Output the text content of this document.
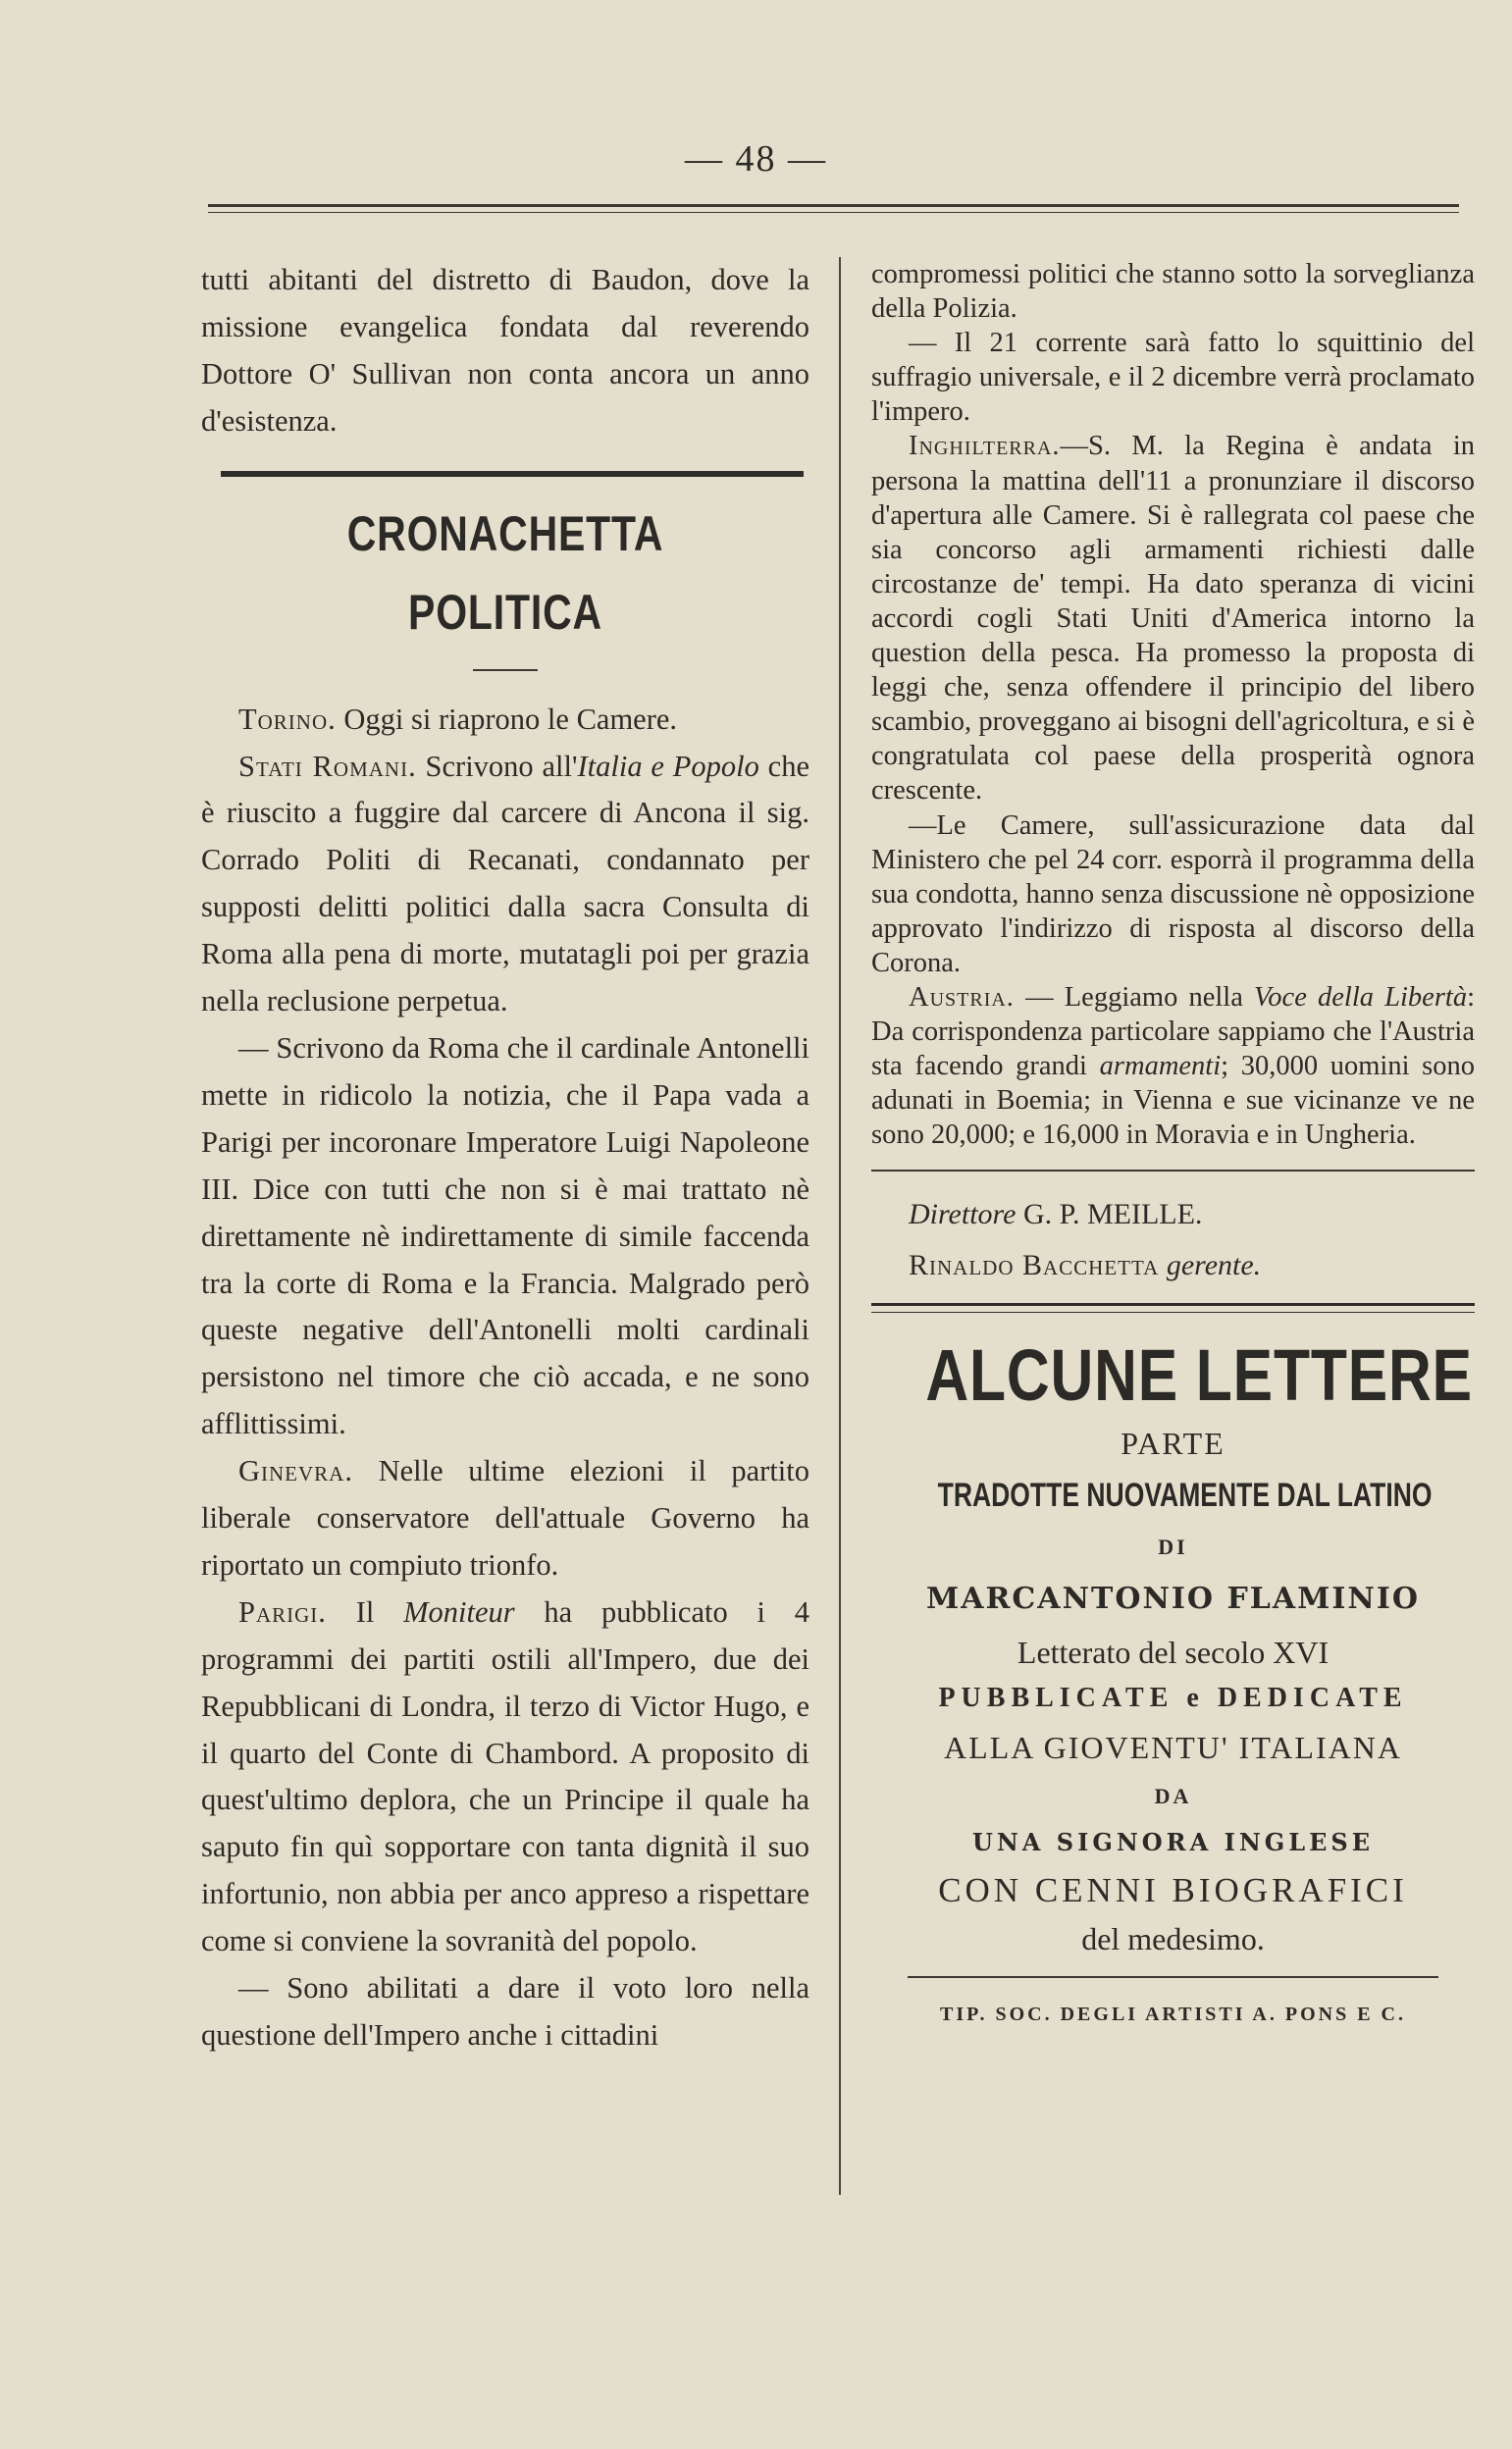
— 48 —

tutti abitanti del distretto di Baudon, dove la missione evangelica fondata dal reverendo Dottore O' Sullivan non conta ancora un anno d'esistenza.

CRONACHETTA POLITICA

Torino. Oggi si riaprono le Camere.

Stati Romani. Scrivono all'Italia e Popolo che è riuscito a fuggire dal carcere di Ancona il sig. Corrado Politi di Recanati, condannato per supposti delitti politici dalla sacra Consulta di Roma alla pena di morte, mutatagli poi per grazia nella reclusione perpetua.

— Scrivono da Roma che il cardinale Antonelli mette in ridicolo la notizia, che il Papa vada a Parigi per incoronare Imperatore Luigi Napoleone III. Dice con tutti che non si è mai trattato nè direttamente nè indirettamente di simile faccenda tra la corte di Roma e la Francia. Malgrado però queste negative dell'Antonelli molti cardinali persistono nel timore che ciò accada, e ne sono afflittissimi.

Ginevra. Nelle ultime elezioni il partito liberale conservatore dell'attuale Governo ha riportato un compiuto trionfo.

Parigi. Il Moniteur ha pubblicato i 4 programmi dei partiti ostili all'Impero, due dei Repubblicani di Londra, il terzo di Victor Hugo, e il quarto del Conte di Chambord. A proposito di quest'ultimo deplora, che un Principe il quale ha saputo fin quì sopportare con tanta dignità il suo infortunio, non abbia per anco appreso a rispettare come si conviene la sovranità del popolo.

— Sono abilitati a dare il voto loro nella questione dell'Impero anche i cittadini

compromessi politici che stanno sotto la sorveglianza della Polizia.

— Il 21 corrente sarà fatto lo squittinio del suffragio universale, e il 2 dicembre verrà proclamato l'impero.

Inghilterra.—S. M. la Regina è andata in persona la mattina dell'11 a pronunziare il discorso d'apertura alle Camere. Si è rallegrata col paese che sia concorso agli armamenti richiesti dalle circostanze de' tempi. Ha dato speranza di vicini accordi cogli Stati Uniti d'America intorno la question della pesca. Ha promesso la proposta di leggi che, senza offendere il principio del libero scambio, proveggano ai bisogni dell'agricoltura, e si è congratulata col paese della prosperità ognora crescente.

—Le Camere, sull'assicurazione data dal Ministero che pel 24 corr. esporrà il programma della sua condotta, hanno senza discussione nè opposizione approvato l'indirizzo di risposta al discorso della Corona.

Austria. — Leggiamo nella Voce della Libertà: Da corrispondenza particolare sappiamo che l'Austria sta facendo grandi armamenti; 30,000 uomini sono adunati in Boemia; in Vienna e sue vicinanze ve ne sono 20,000; e 16,000 in Moravia e in Ungheria.

Direttore G. P. MEILLE.
Rinaldo Bacchetta gerente.
ALCUNE LETTERE
PARTE
TRADOTTE NUOVAMENTE DAL LATINO
DI
MARCANTONIO FLAMINIO
Letterato del secolo XVI
PUBBLICATE e DEDICATE
ALLA GIOVENTU' ITALIANA
DA
UNA SIGNORA INGLESE
CON CENNI BIOGRAFICI
del medesimo.
TIP. SOC. DEGLI ARTISTI A. PONS E C.
